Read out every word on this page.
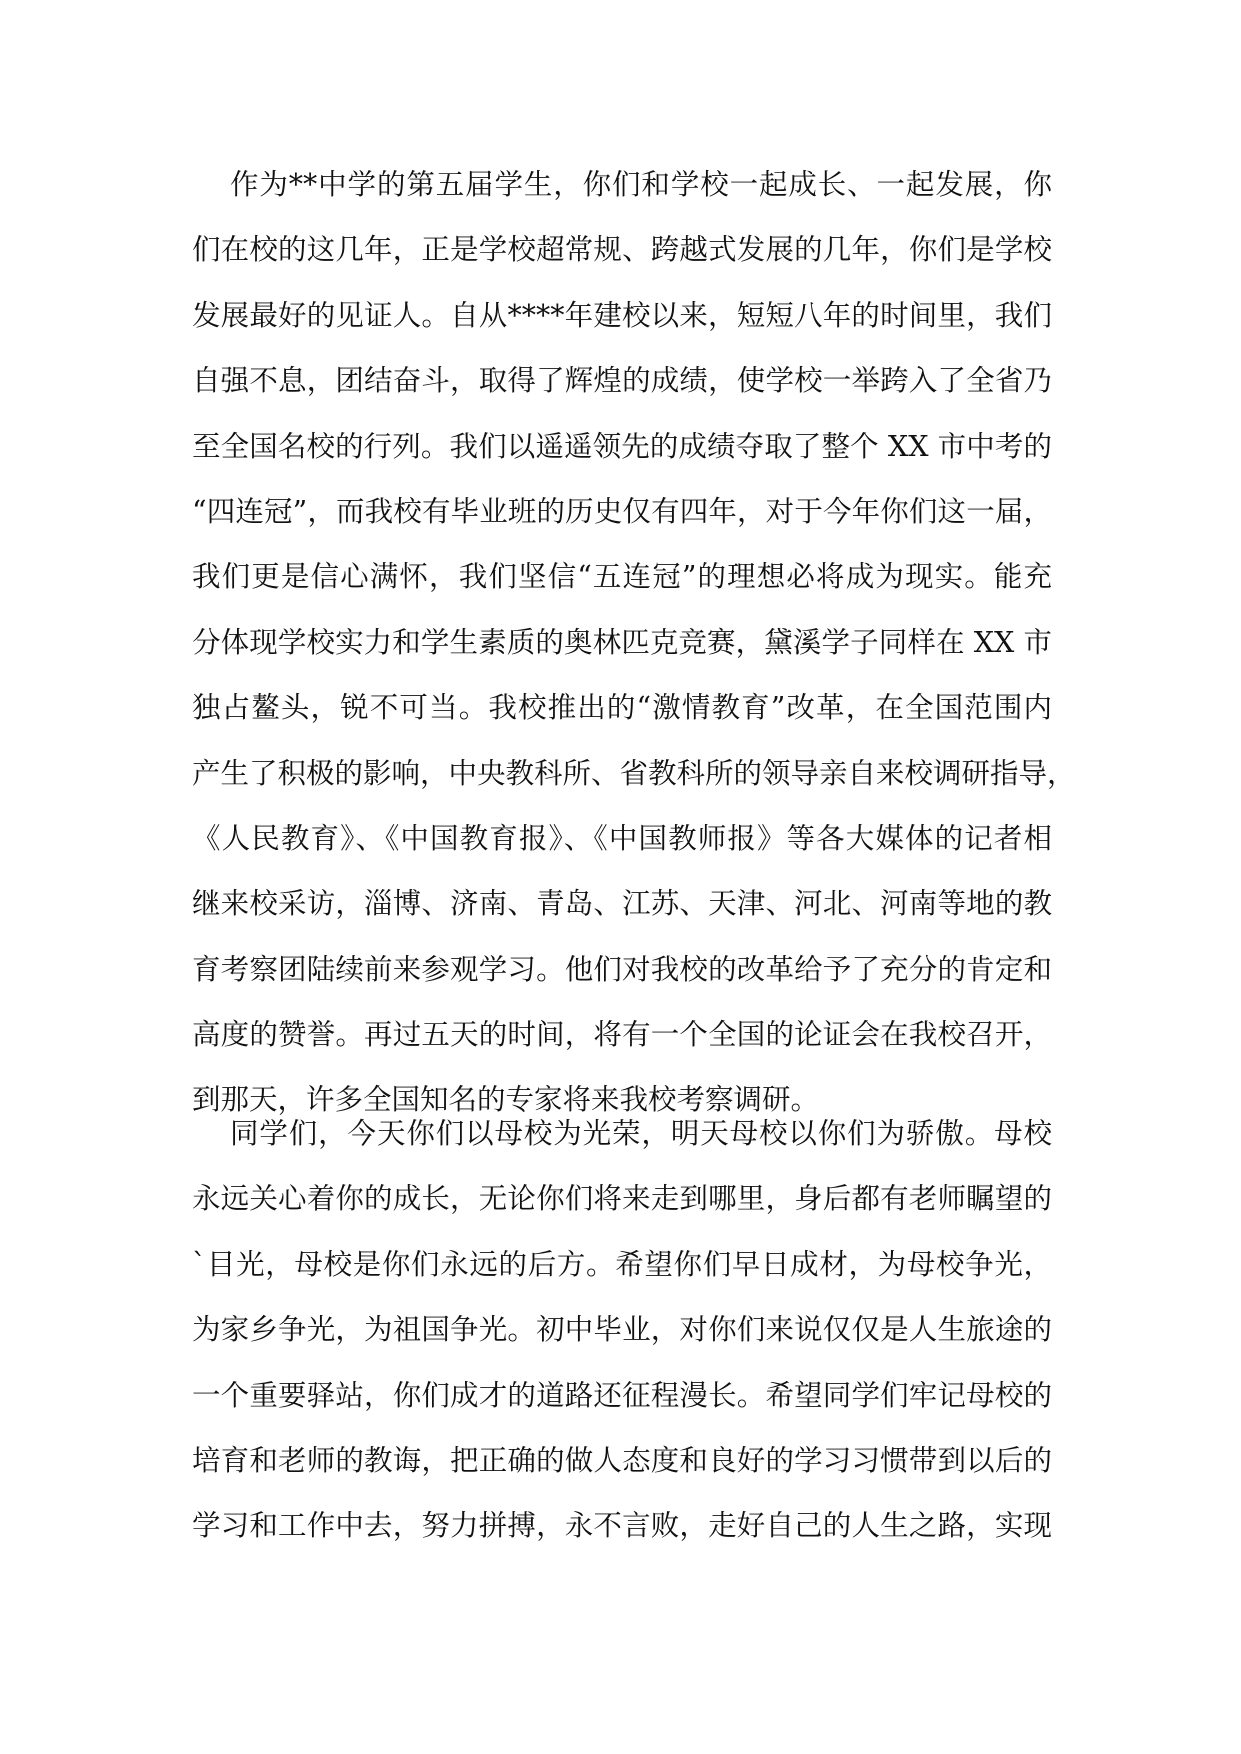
作为**中学的第五届学生，你们和学校一起成长、一起发展，你
们在校的这几年，正是学校超常规、跨越式发展的几年，你们是学校
发展最好的见证人。自从****年建校以来，短短八年的时间里，我们
自强不息，团结奋斗，取得了辉煌的成绩，使学校一举跨入了全省乃
至全国名校的行列。我们以遥遥领先的成绩夺取了整个 XX 市中考的
“四连冠”，而我校有毕业班的历史仅有四年，对于今年你们这一届，
我们更是信心满怀，我们坚信“五连冠”的理想必将成为现实。能充
分体现学校实力和学生素质的奥林匹克竞赛，黛溪学子同样在 XX 市
独占鳌头，锐不可当。我校推出的“激情教育”改革，在全国范围内
产生了积极的影响，中央教科所、省教科所的领导亲自来校调研指导，
《人民教育》、《中国教育报》、《中国教师报》等各大媒体的记者相
继来校采访，淄博、济南、青岛、江苏、天津、河北、河南等地的教
育考察团陆续前来参观学习。他们对我校的改革给予了充分的肯定和
高度的赞誉。再过五天的时间，将有一个全国的论证会在我校召开，
到那天，许多全国知名的专家将来我校考察调研。
同学们，今天你们以母校为光荣，明天母校以你们为骄傲。母校
永远关心着你的成长，无论你们将来走到哪里，身后都有老师瞩望的
`目光，母校是你们永远的后方。希望你们早日成材，为母校争光，
为家乡争光，为祖国争光。初中毕业，对你们来说仅仅是人生旅途的
一个重要驿站，你们成才的道路还征程漫长。希望同学们牢记母校的
培育和老师的教诲，把正确的做人态度和良好的学习习惯带到以后的
学习和工作中去，努力拼搏，永不言败，走好自己的人生之路，实现
